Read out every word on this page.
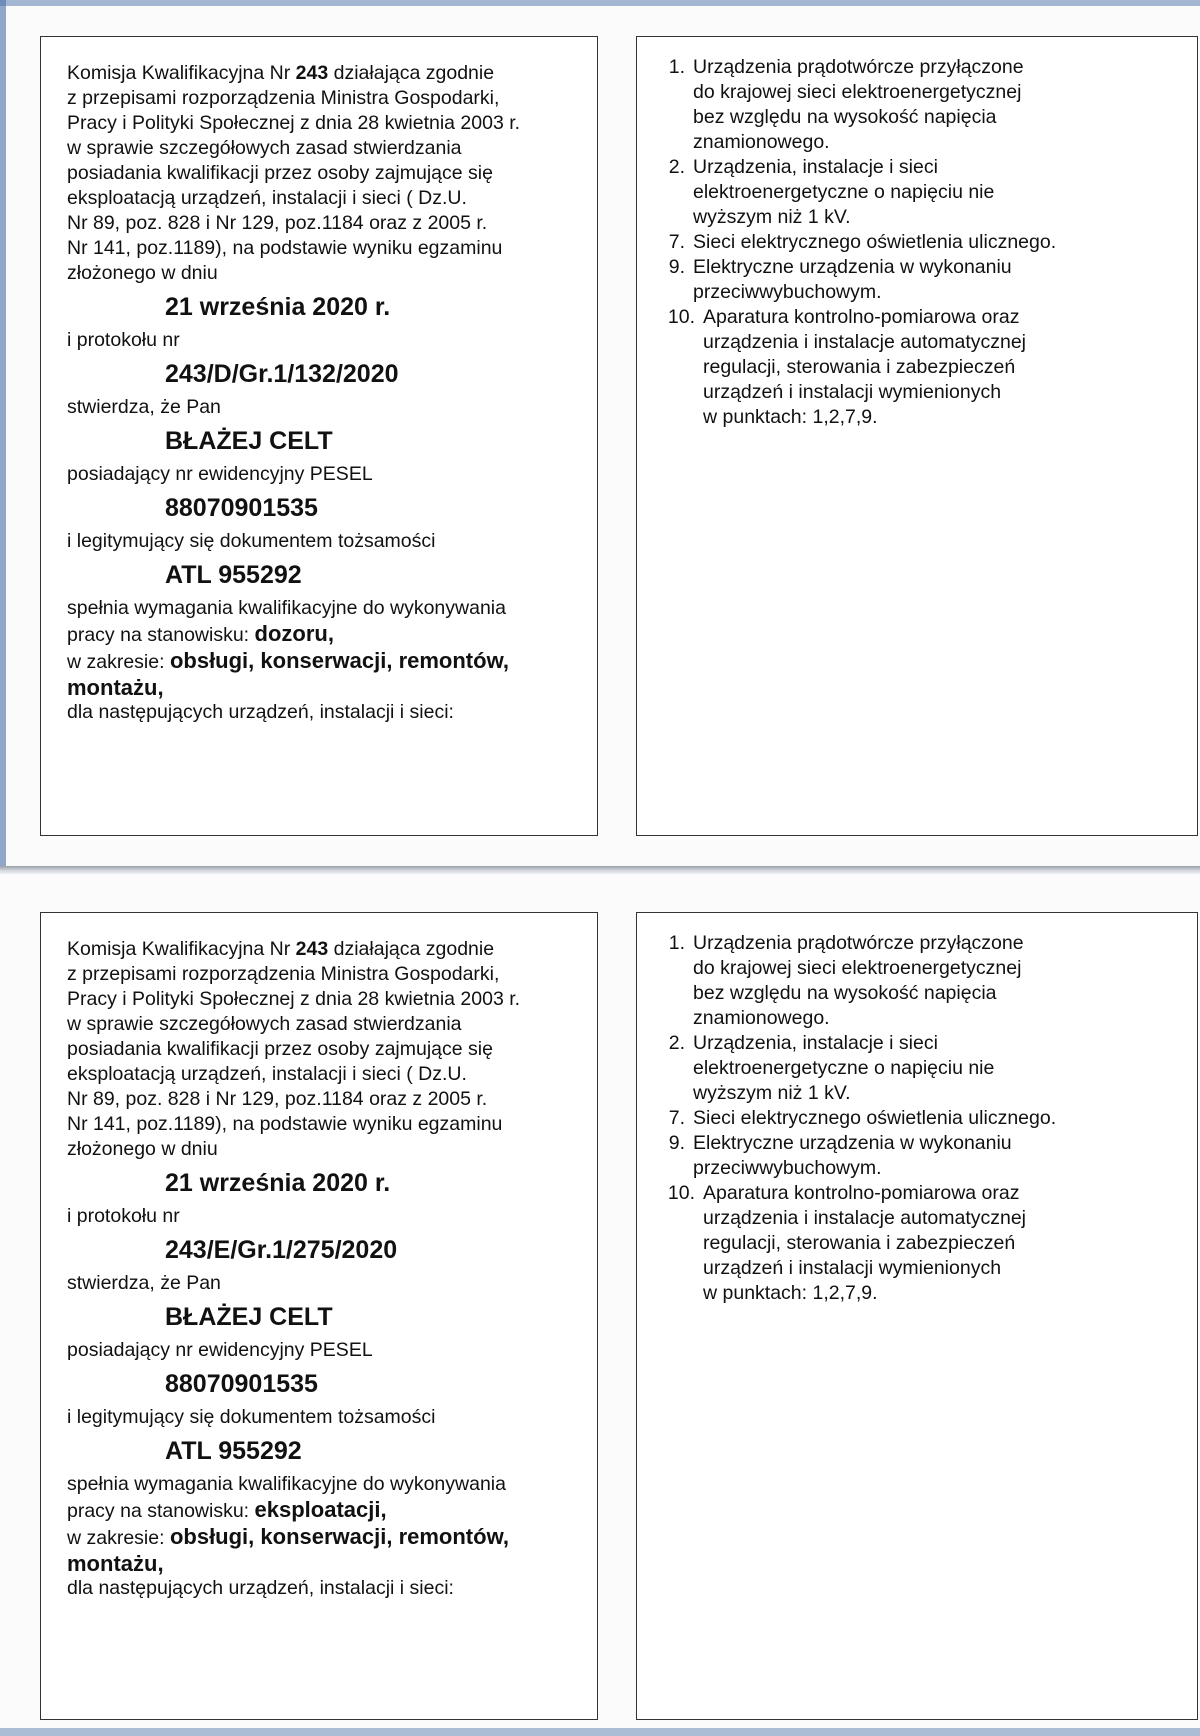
Komisja Kwalifikacyjna Nr 243 działająca zgodnie

z przepisami rozporządzenia Ministra Gospodarki,

Pracy i Polityki Społecznej z dnia 28 kwietnia 2003 r.

w sprawie szczegółowych zasad stwierdzania

posiadania kwalifikacji przez osoby zajmujące się

eksploatacją urządzeń, instalacji i sieci ( Dz.U.

Nr 89, poz. 828 i Nr 129, poz.1184 oraz z 2005 r.

Nr 141, poz.1189), na podstawie wyniku egzaminu

złożonego w dniu

21 września 2020 r.

i protokołu nr

243/D/Gr.1/132/2020

stwierdza, że Pan

BŁAŻEJ CELT

posiadający nr ewidencyjny PESEL

88070901535

i legitymujący się dokumentem tożsamości

ATL 955292

spełnia wymagania kwalifikacyjne do wykonywania

pracy na stanowisku: dozoru,

w zakresie: obsługi, konserwacji, remontów,

montażu,

dla następujących urządzeń, instalacji i sieci:

1. Urządzenia prądotwórcze przyłączone
do krajowej sieci elektroenergetycznej
bez względu na wysokość napięcia
znamionowego.
2. Urządzenia, instalacje i sieci
elektroenergetyczne o napięciu nie
wyższym niż 1 kV.
7. Sieci elektrycznego oświetlenia ulicznego.
9. Elektryczne urządzenia w wykonaniu
przeciwwybuchowym.
10. Aparatura kontrolno-pomiarowa oraz
urządzenia i instalacje automatycznej
regulacji, sterowania i zabezpieczeń
urządzeń i instalacji wymienionych
w punktach: 1,2,7,9.

Komisja Kwalifikacyjna Nr 243 działająca zgodnie

z przepisami rozporządzenia Ministra Gospodarki,

Pracy i Polityki Społecznej z dnia 28 kwietnia 2003 r.

w sprawie szczegółowych zasad stwierdzania

posiadania kwalifikacji przez osoby zajmujące się

eksploatacją urządzeń, instalacji i sieci ( Dz.U.

Nr 89, poz. 828 i Nr 129, poz.1184 oraz z 2005 r.

Nr 141, poz.1189), na podstawie wyniku egzaminu

złożonego w dniu

21 września 2020 r.

i protokołu nr

243/E/Gr.1/275/2020

stwierdza, że Pan

BŁAŻEJ CELT

posiadający nr ewidencyjny PESEL

88070901535

i legitymujący się dokumentem tożsamości

ATL 955292

spełnia wymagania kwalifikacyjne do wykonywania

pracy na stanowisku: eksploatacji,

w zakresie: obsługi, konserwacji, remontów,

montażu,

dla następujących urządzeń, instalacji i sieci:

1. Urządzenia prądotwórcze przyłączone
do krajowej sieci elektroenergetycznej
bez względu na wysokość napięcia
znamionowego.
2. Urządzenia, instalacje i sieci
elektroenergetyczne o napięciu nie
wyższym niż 1 kV.
7. Sieci elektrycznego oświetlenia ulicznego.
9. Elektryczne urządzenia w wykonaniu
przeciwwybuchowym.
10. Aparatura kontrolno-pomiarowa oraz
urządzenia i instalacje automatycznej
regulacji, sterowania i zabezpieczeń
urządzeń i instalacji wymienionych
w punktach: 1,2,7,9.
